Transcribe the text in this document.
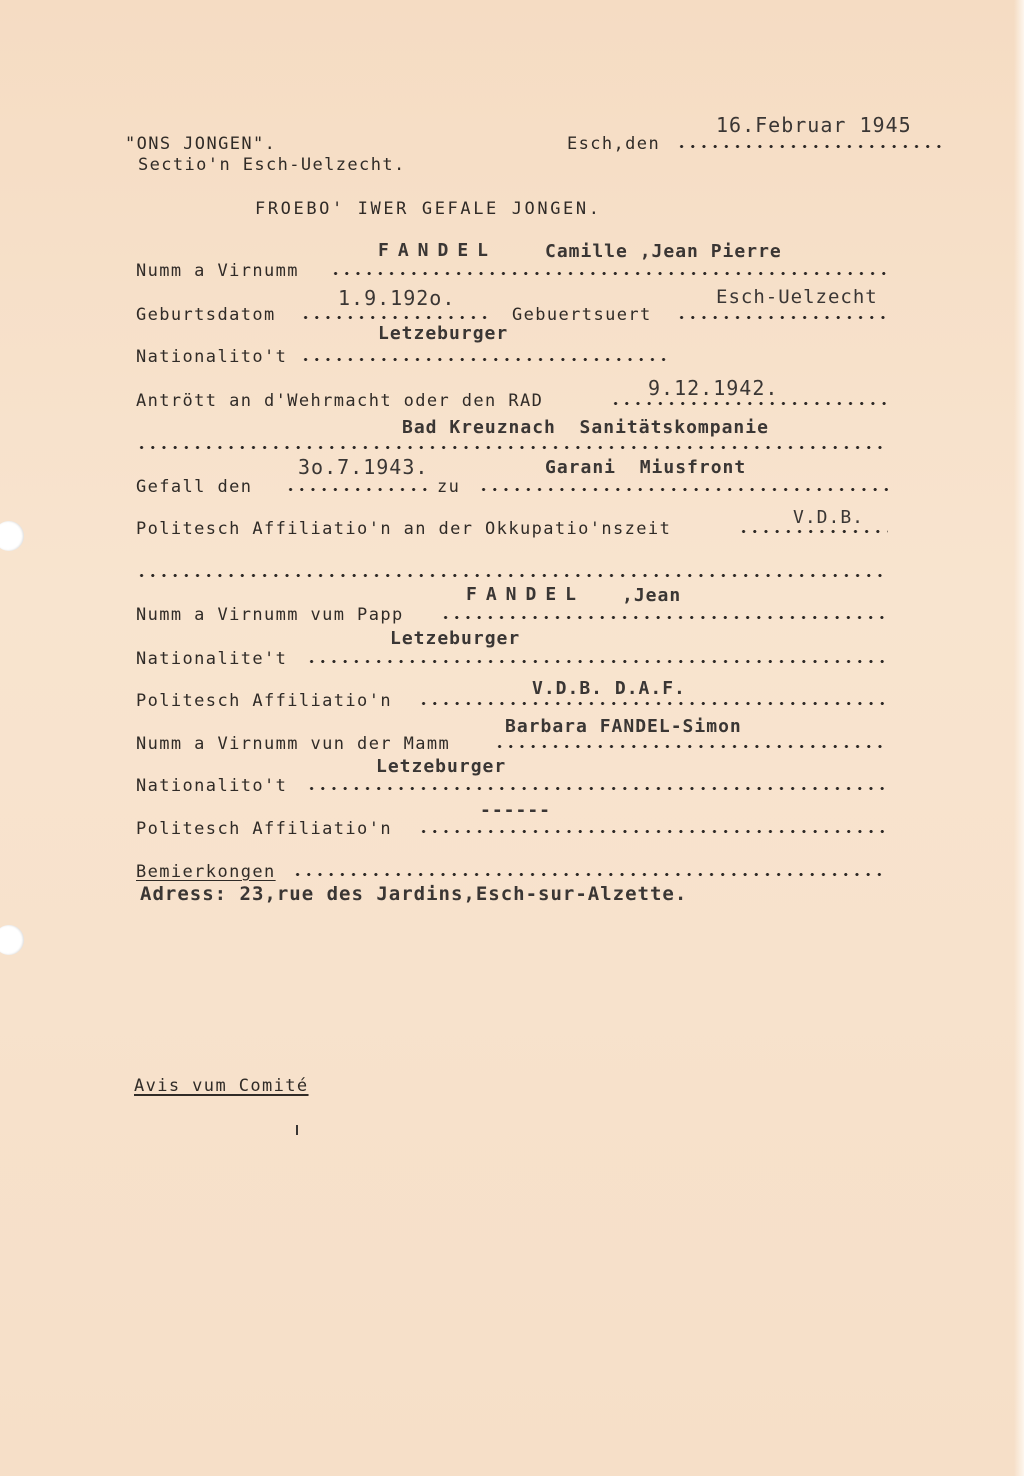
"ONS JONGEN".
Sectio'n Esch-Uelzecht.
Esch,den
16.Februar 1945
FROEBO' IWER GEFALE JONGEN.
FANDEL	Camille ,Jean Pierre
Numm a Virnumm
1.9.192o.	Esch-Uelzecht
Geburtsdatom	Gebuertsuert
Letzeburger
Nationalito't
9.12.1942.
Antrött an d'Wehrmacht oder den RAD
Bad Kreuznach  Sanitätskompanie
3o.7.1943.	Garani  Miusfront
Gefall den	zu
V.D.B.
Politesch Affiliatio'n an der Okkupatio'nszeit
FANDEL ,Jean
Numm a Virnumm vum Papp
Letzeburger
Nationalite't
V.D.B. D.A.F.
Politesch Affiliatio'n
Barbara FANDEL-Simon
Numm a Virnumm vun der Mamm
Letzeburger
Nationalito't
------
Politesch Affiliatio'n
Bemierkongen
Adress: 23,rue des Jardins,Esch-sur-Alzette.
Avis vum Comité
